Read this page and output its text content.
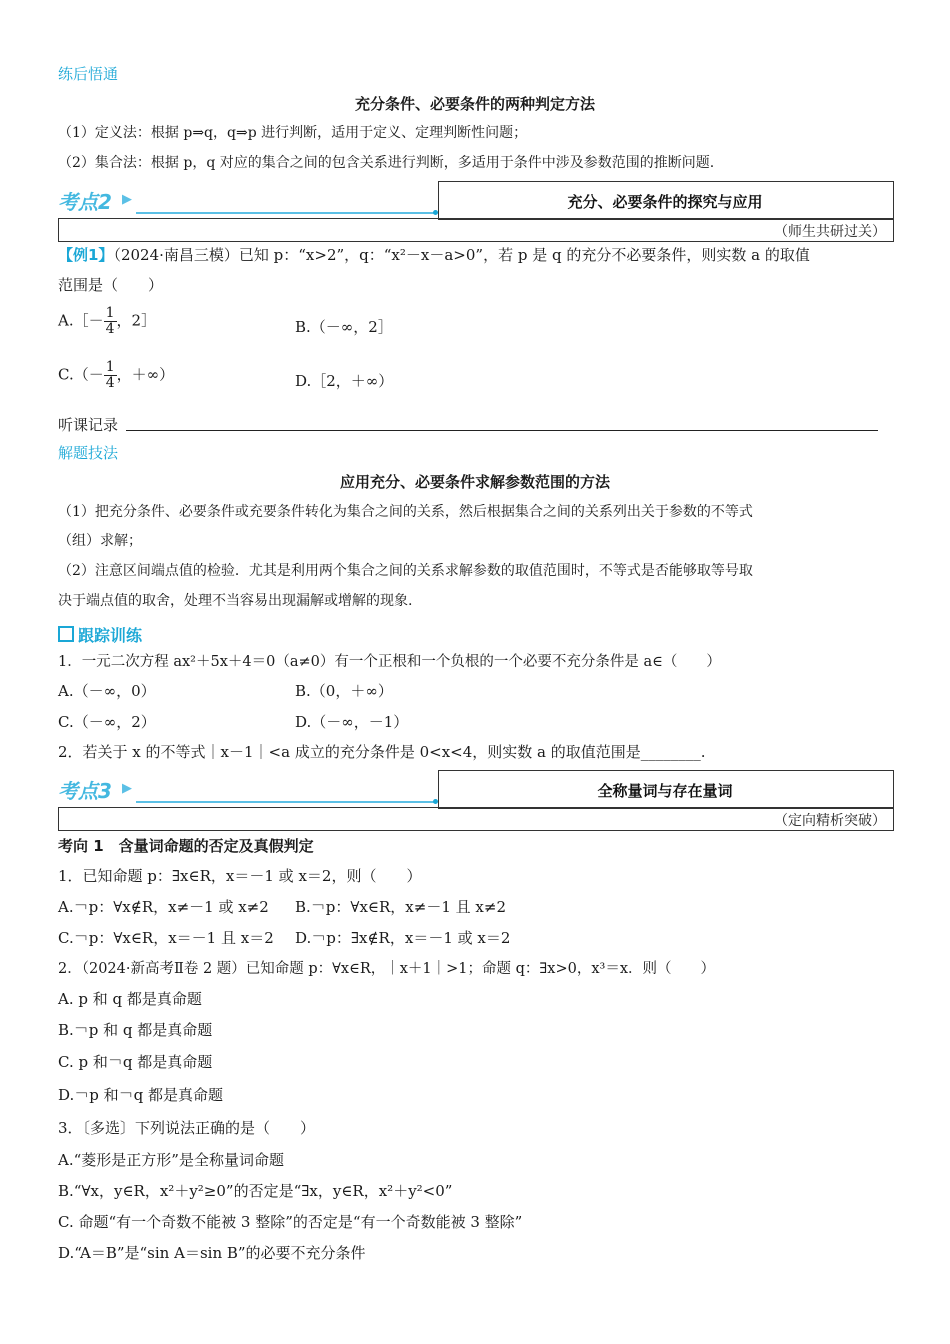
练后悟通
充分条件、必要条件的两种判定方法
（1）定义法：根据 p⇒q，q⇒p 进行判断，适用于定义、定理判断性问题；
（2）集合法：根据 p，q 对应的集合之间的包含关系进行判断，多适用于条件中涉及参数范围的推断问题.
考点2 ▶	充分、必要条件的探究与应用
（师生共研过关）
【例1】（2024·南昌三模）已知 p：“x>2”，q：“x²－x－a>0”，若 p 是 q 的充分不必要条件，则实数 a 的取值
范围是（　　）
A.［－ $\frac{1}{4}$ ，2］	B.（－∞，2］
$C.(- \frac{1}{4}$ ，＋∞）	D.［2，＋∞）
听课记录
解题技法
应用充分、必要条件求解参数范围的方法
（1）把充分条件、必要条件或充要条件转化为集合之间的关系，然后根据集合之间的关系列出关于参数的不等式
（组）求解；
（2）注意区间端点值的检验．尤其是利用两个集合之间的关系求解参数的取值范围时，不等式是否能够取等号取
决于端点值的取舍，处理不当容易出现漏解或增解的现象.
跟踪训练
1．一元二次方程 ax²＋5x＋4＝0（a≠0）有一个正根和一个负根的一个必要不充分条件是 a∈（　　）
A.（－∞，0）	B.（0，＋∞）
C.（－∞，2）	D.（－∞，－1）
2．若关于 x 的不等式｜x－1｜<a 成立的充分条件是 0<x<4，则实数 a 的取值范围是________.
考点3 ▶	全称量词与存在量词
（定向精析突破）
考向 1　含量词命题的否定及真假判定
1．已知命题 p：∃x∈R，x＝－1 或 x＝2，则（　　）
A.￢p：∀x∉R，x≠－1 或 x≠2 B.￢p：∀x∈R，x≠－1 且 x≠2
C.￢p：∀x∈R，x＝－1 且 x＝2 D.￢p：∃x∉R，x＝－1 或 x＝2
2．（2024·新高考Ⅱ卷 2 题）已知命题 p：∀x∈R，｜x＋1｜>1；命题 q：∃x>0，x³＝x．则（　　）
A. p 和 q 都是真命题
B.￢p 和 q 都是真命题
C. p 和￢q 都是真命题
D.￢p 和￢q 都是真命题
3．〔多选〕下列说法正确的是（　　）
A.“菱形是正方形”是全称量词命题
B.“∀x，y∈R，x²＋y²≥0”的否定是“∃x，y∈R，x²＋y²<0”
C. 命题“有一个奇数不能被 3 整除”的否定是“有一个奇数能被 3 整除”
D.“A＝B”是“sin A＝sin B”的必要不充分条件
